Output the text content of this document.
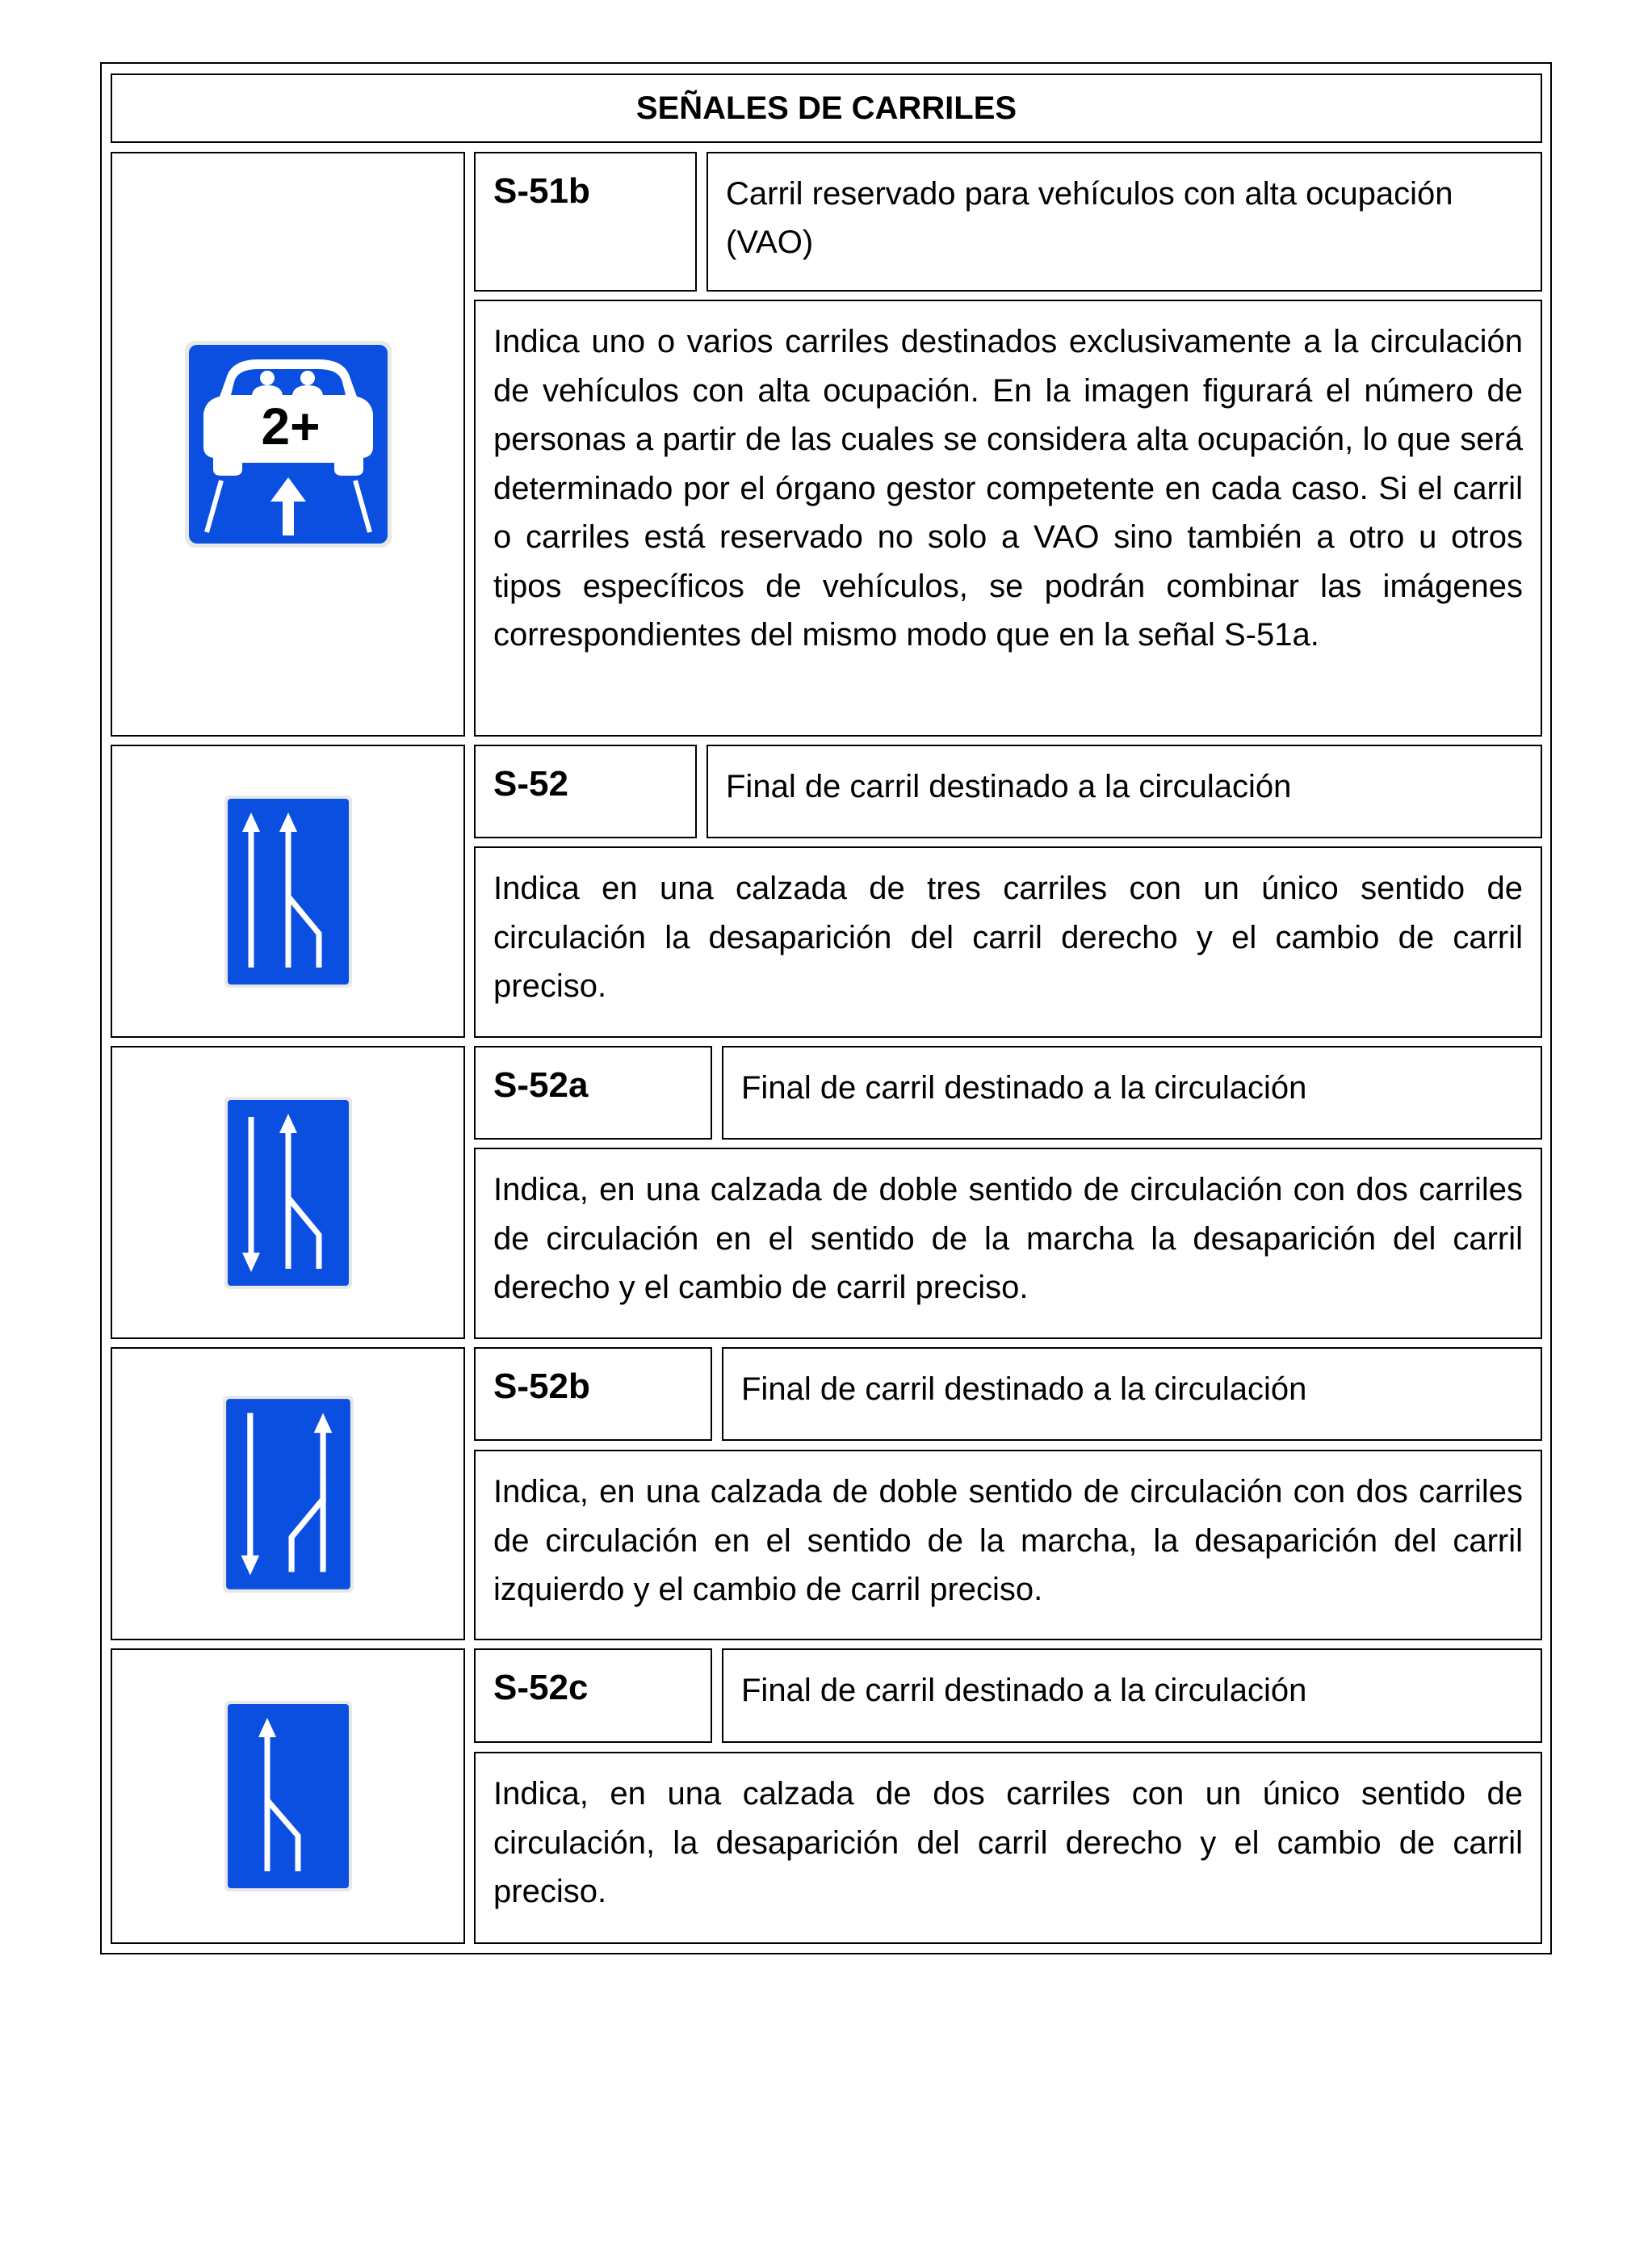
SEÑALES DE CARRILES
2+
S-51b	Carril reservado para vehículos con alta ocupación (VAO)
Indica uno o varios carriles destinados exclusivamente a la circulación de vehículos con alta ocupación. En la imagen figurará el número de personas a partir de las cuales se considera alta ocupación, lo que será determinado por el órgano gestor competente en cada caso. Si el carril o carriles está reservado no solo a VAO sino también a otro u otros tipos específicos de vehículos, se podrán combinar las imágenes correspondientes del mismo modo que en la señal S-51a.
S-52	Final de carril destinado a la circulación
Indica en una calzada de tres carriles con un único sentido de circulación la desaparición del carril derecho y el cambio de carril preciso.
S-52a	Final de carril destinado a la circulación
Indica, en una calzada de doble sentido de circulación con dos carriles de circulación en el sentido de la marcha la desaparición del carril derecho y el cambio de carril preciso.
S-52b	Final de carril destinado a la circulación
Indica, en una calzada de doble sentido de circulación con dos carriles de circulación en el sentido de la marcha, la desaparición del carril izquierdo y el cambio de carril preciso.
S-52c	Final de carril destinado a la circulación
Indica, en una calzada de dos carriles con un único sentido de circulación, la desaparición del carril derecho y el cambio de carril preciso.
